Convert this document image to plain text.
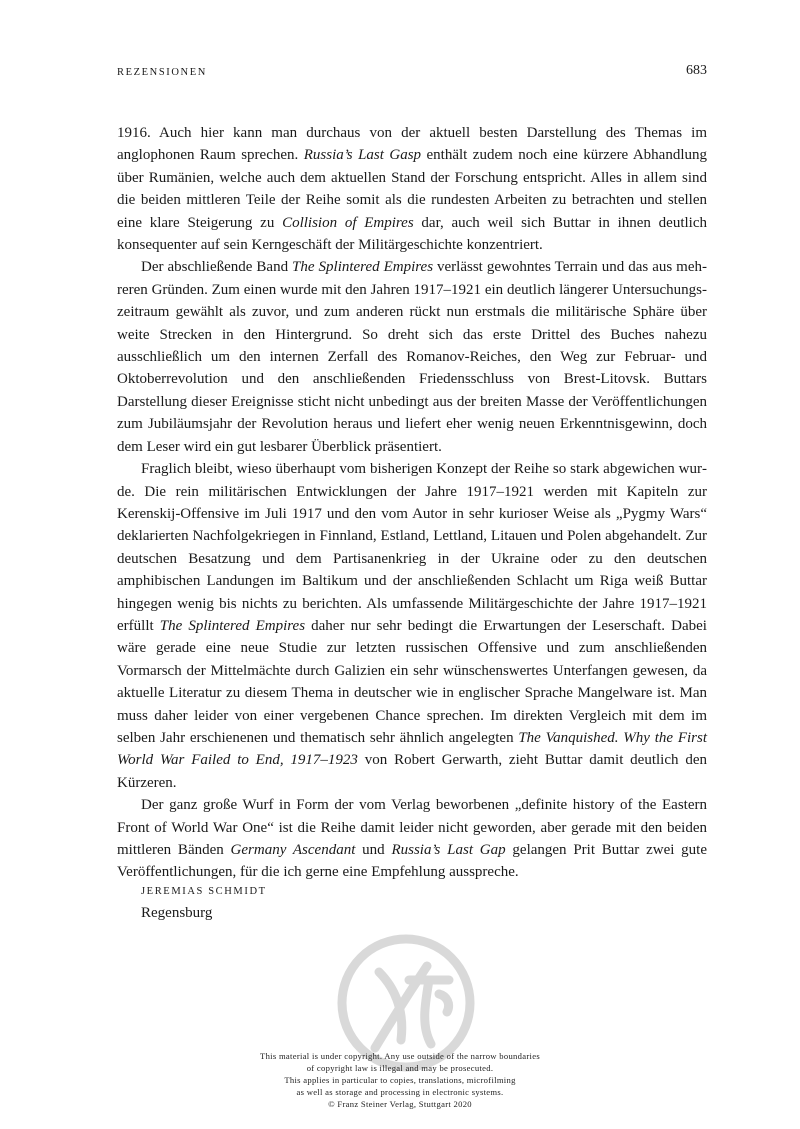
REZENSIONEN	683

1916. Auch hier kann man durchaus von der aktuell besten Darstellung des Themas im anglophonen Raum sprechen. Russia’s Last Gasp enthält zudem noch eine kürzere Abhandlung über Rumänien, welche auch dem aktuellen Stand der Forschung entspricht. Alles in allem sind die beiden mittleren Teile der Reihe somit als die rundesten Arbeiten zu betrachten und stellen eine klare Steigerung zu Collision of Empires dar, auch weil sich Buttar in ihnen deutlich konsequenter auf sein Kerngeschäft der Militärgeschichte konzentriert.

Der abschließende Band The Splintered Empires verlässt gewohntes Terrain und das aus mehreren Gründen. Zum einen wurde mit den Jahren 1917–1921 ein deutlich längerer Untersuchungszeitraum gewählt als zuvor, und zum anderen rückt nun erstmals die militärische Sphäre über weite Strecken in den Hintergrund. So dreht sich das erste Drittel des Buches nahezu ausschließlich um den internen Zerfall des Romanov-Reiches, den Weg zur Februar- und Oktoberrevolution und den anschließenden Friedensschluss von Brest-Litovsk. Buttars Darstellung dieser Ereignisse sticht nicht unbedingt aus der breiten Masse der Veröffentlichungen zum Jubiläumsjahr der Revolution heraus und liefert eher wenig neuen Erkenntnisgewinn, doch dem Leser wird ein gut lesbarer Überblick präsentiert.

Fraglich bleibt, wieso überhaupt vom bisherigen Konzept der Reihe so stark abgewichen wurde. Die rein militärischen Entwicklungen der Jahre 1917–1921 werden mit Kapiteln zur Kerenskij-Offensive im Juli 1917 und den vom Autor in sehr kurioser Weise als „Pygmy Wars“ deklarierten Nachfolgekriegen in Finnland, Estland, Lettland, Litauen und Polen abgehandelt. Zur deutschen Besatzung und dem Partisanenkrieg in der Ukraine oder zu den deutschen amphibischen Landungen im Baltikum und der anschließenden Schlacht um Riga weiß Buttar hingegen wenig bis nichts zu berichten. Als umfassende Militärgeschichte der Jahre 1917–1921 erfüllt The Splintered Empires daher nur sehr bedingt die Erwartungen der Leserschaft. Dabei wäre gerade eine neue Studie zur letzten russischen Offensive und zum anschließenden Vormarsch der Mittelmächte durch Galizien ein sehr wünschenswertes Unterfangen gewesen, da aktuelle Literatur zu diesem Thema in deutscher wie in englischer Sprache Mangelware ist. Man muss daher leider von einer vergebenen Chance sprechen. Im direkten Vergleich mit dem im selben Jahr erschienenen und thematisch sehr ähnlich angelegten The Vanquished. Why the First World War Failed to End, 1917–1923 von Robert Gerwarth, zieht Buttar damit deutlich den Kürzeren.

Der ganz große Wurf in Form der vom Verlag beworbenen „definite history of the Eastern Front of World War One“ ist die Reihe damit leider nicht geworden, aber gerade mit den beiden mittleren Bänden Germany Ascendant und Russia’s Last Gap gelangen Prit Buttar zwei gute Veröffentlichungen, für die ich gerne eine Empfehlung ausspreche.

JEREMIAS SCHMIDT
Regensburg
This material is under copyright. Any use outside of the narrow boundaries
of copyright law is illegal and may be prosecuted.
This applies in particular to copies, translations, microfilming
as well as storage and processing in electronic systems.
© Franz Steiner Verlag, Stuttgart 2020
